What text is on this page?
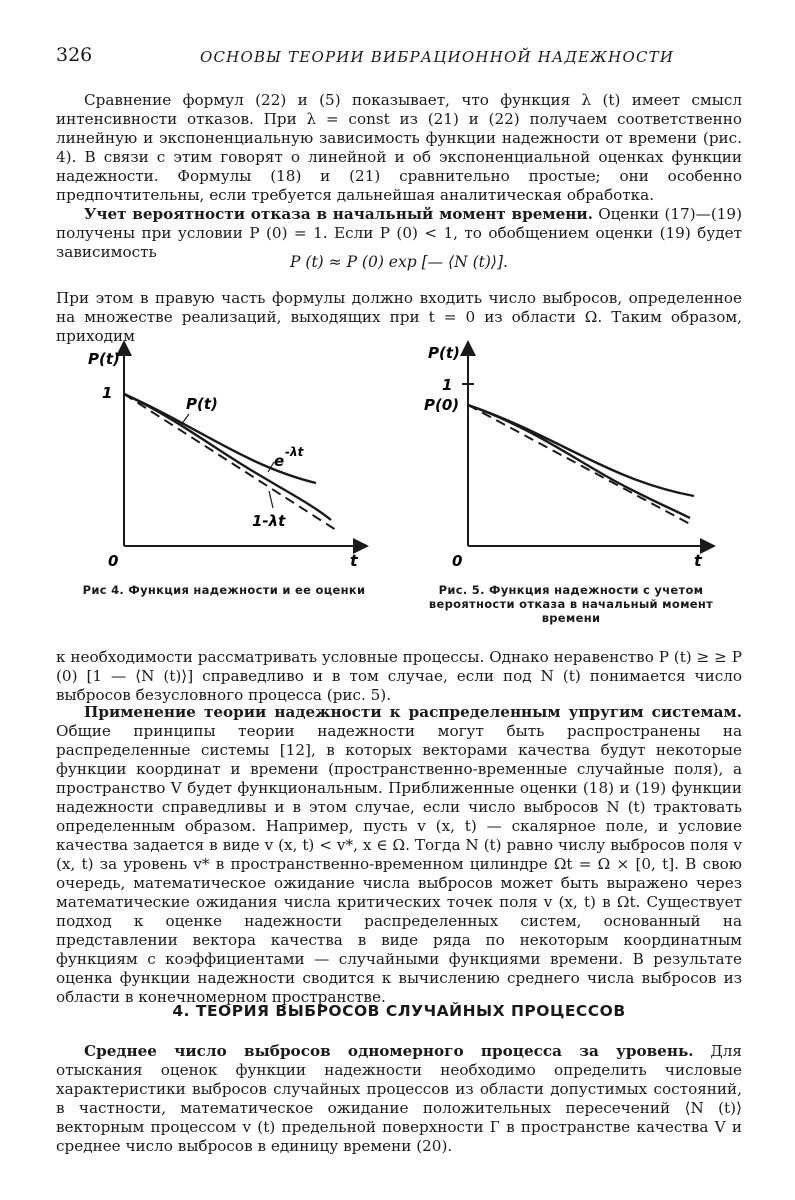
326	ОСНОВЫ ТЕОРИИ ВИБРАЦИОННОЙ НАДЕЖНОСТИ
Сравнение формул (22) и (5) показывает, что функция λ (t) имеет смысл интенсивности отказов. При λ = const из (21) и (22) получаем соответственно линейную и экспоненциальную зависимость функции надежности от времени (рис. 4). В связи с этим говорят о линейной и об экспоненциальной оценках функции надежности. Формулы (18) и (21) сравнительно простые; они особенно предпочтительны, если требуется дальнейшая аналитическая обработка.
Учет вероятности отказа в начальный момент времени. Оценки (17)—(19) получены при условии P (0) = 1. Если P (0) < 1, то обобщением оценки (19) будет зависимость
P (t) ≈ P (0) exp [— ⟨N (t)⟩].
При этом в правую часть формулы должно входить число выбросов, определенное на множестве реализаций, выходящих при t = 0 из области Ω. Таким образом, приходим
P(t)
1
0	t
P(t)
e -λt
1-λt
P(t)
1
P(0)
0	t
Рис 4. Функция надежности и ее оценки	Рис. 5. Функция надежности с учетом вероятности отказа в начальный момент времени
к необходимости рассматривать условные процессы. Однако неравенство P (t) ≥ ≥ P (0) [1 — ⟨N (t)⟩] справедливо и в том случае, если под N (t) понимается число выбросов безусловного процесса (рис. 5).
Применение теории надежности к распределенным упругим системам. Общие принципы теории надежности могут быть распространены на распределенные системы [12], в которых векторами качества будут некоторые функции координат и времени (пространственно-временные случайные поля), а пространство V будет функциональным. Приближенные оценки (18) и (19) функции надежности справедливы и в этом случае, если число выбросов N (t) трактовать определенным образом. Например, пусть v (x, t) — скалярное поле, и условие качества задается в виде v (x, t) < v*, x ∈ Ω. Тогда N (t) равно числу выбросов поля v (x, t) за уровень v* в пространственно-временном цилиндре Ωt = Ω × [0, t]. В свою очередь, математическое ожидание числа выбросов может быть выражено через математические ожидания числа критических точек поля v (x, t) в Ωt. Существует подход к оценке надежности распределенных систем, основанный на представлении вектора качества в виде ряда по некоторым координатным функциям с коэффициентами — случайными функциями времени. В результате оценка функции надежности сводится к вычислению среднего числа выбросов из области в конечномерном пространстве.
4. ТЕОРИЯ ВЫБРОСОВ СЛУЧАЙНЫХ ПРОЦЕССОВ
Среднее число выбросов одномерного процесса за уровень. Для отыскания оценок функции надежности необходимо определить числовые характеристики выбросов случайных процессов из области допустимых состояний, в частности, математическое ожидание положительных пересечений ⟨N (t)⟩ векторным процессом v (t) предельной поверхности Г в пространстве качества V и среднее число выбросов в единицу времени (20).
